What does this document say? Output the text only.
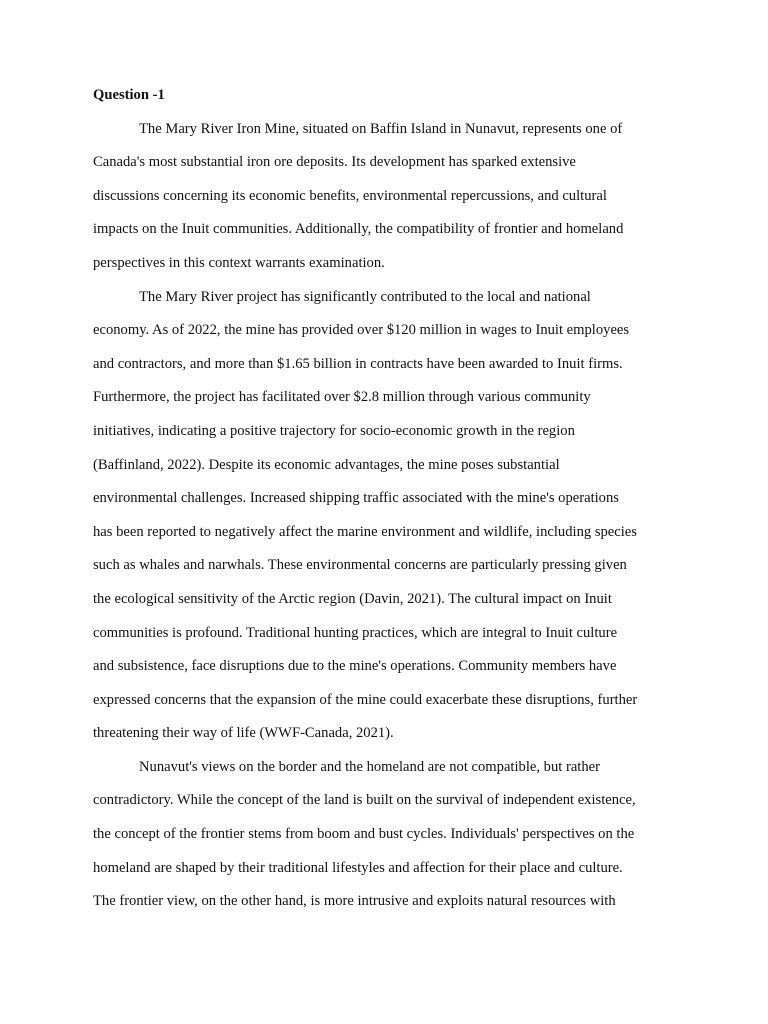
Question -1

The Mary River Iron Mine, situated on Baffin Island in Nunavut, represents one of
Canada's most substantial iron ore deposits. Its development has sparked extensive
discussions concerning its economic benefits, environmental repercussions, and cultural
impacts on the Inuit communities. Additionally, the compatibility of frontier and homeland
perspectives in this context warrants examination.

The Mary River project has significantly contributed to the local and national
economy. As of 2022, the mine has provided over $120 million in wages to Inuit employees
and contractors, and more than $1.65 billion in contracts have been awarded to Inuit firms.
Furthermore, the project has facilitated over $2.8 million through various community
initiatives, indicating a positive trajectory for socio-economic growth in the region
(Baffinland, 2022). Despite its economic advantages, the mine poses substantial
environmental challenges. Increased shipping traffic associated with the mine's operations
has been reported to negatively affect the marine environment and wildlife, including species
such as whales and narwhals. These environmental concerns are particularly pressing given
the ecological sensitivity of the Arctic region (Davin, 2021). The cultural impact on Inuit
communities is profound. Traditional hunting practices, which are integral to Inuit culture
and subsistence, face disruptions due to the mine's operations. Community members have
expressed concerns that the expansion of the mine could exacerbate these disruptions, further
threatening their way of life (WWF-Canada, 2021).

Nunavut's views on the border and the homeland are not compatible, but rather
contradictory. While the concept of the land is built on the survival of independent existence,
the concept of the frontier stems from boom and bust cycles. Individuals' perspectives on the
homeland are shaped by their traditional lifestyles and affection for their place and culture.
The frontier view, on the other hand, is more intrusive and exploits natural resources with
